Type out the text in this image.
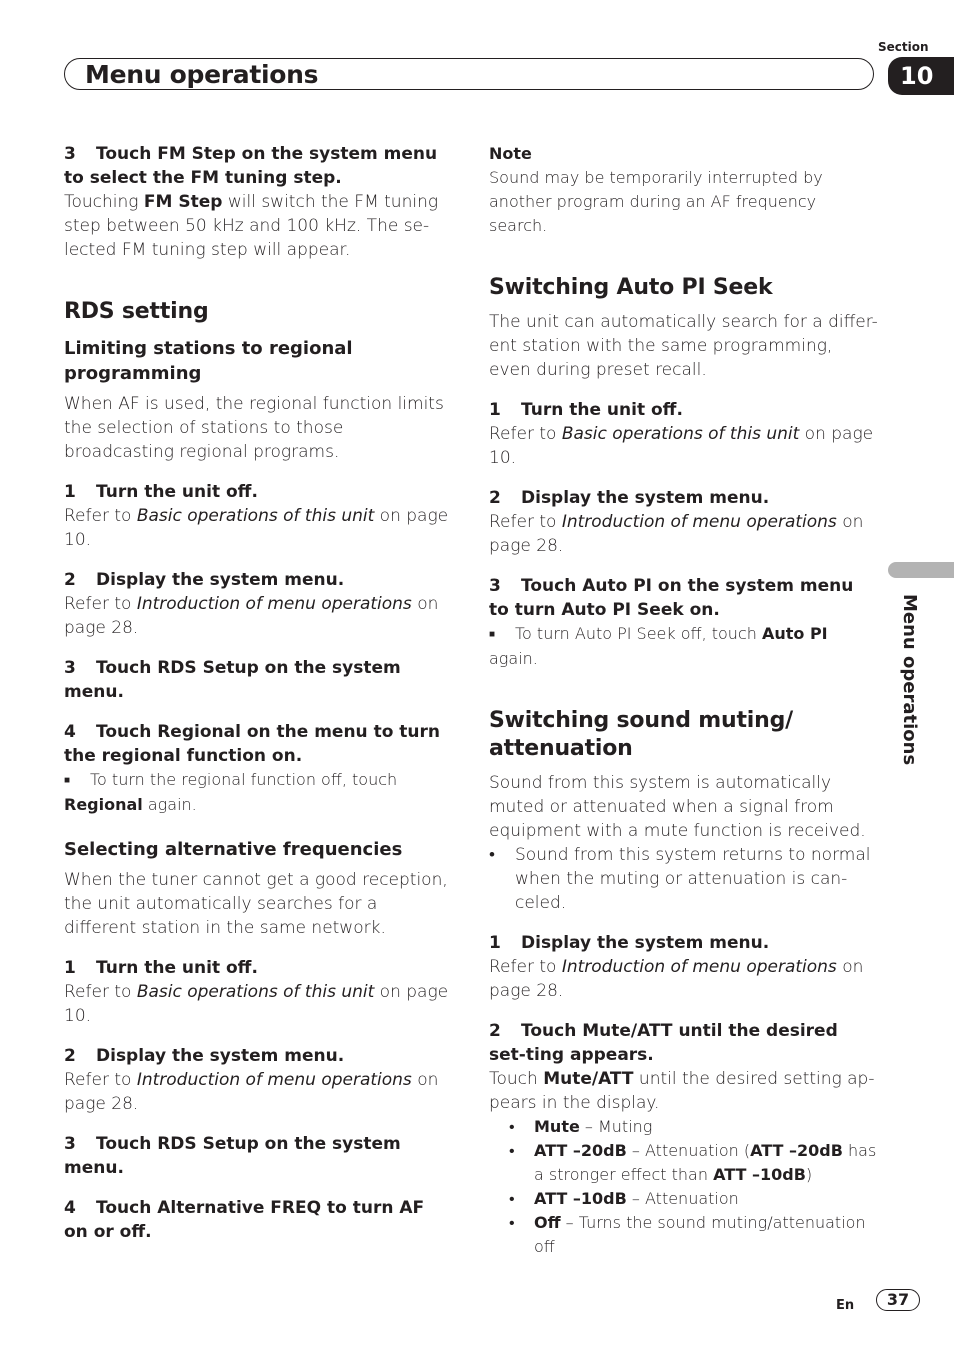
Section
Menu operations	10
Menu operations
3 Touch FM Step on the system menu to select the FM tuning step.

Touching FM Step will switch the FM tuning step between 50 kHz and 100 kHz. The se-lected FM tuning step will appear.

RDS setting
Limiting stations to regional programming

When AF is used, the regional function limits the selection of stations to those broadcasting regional programs.

1 Turn the unit off.

Refer to Basic operations of this unit on page 10.

2 Display the system menu.

Refer to Introduction of menu operations on page 28.

3 Touch RDS Setup on the system menu.
4 Touch Regional on the menu to turn the regional function on.
■ To turn the regional function off, touch Regional again.
Selecting alternative frequencies

When the tuner cannot get a good reception, the unit automatically searches for a different station in the same network.

1 Turn the unit off.

Refer to Basic operations of this unit on page 10.

2 Display the system menu.

Refer to Introduction of menu operations on page 28.

3 Touch RDS Setup on the system menu.
4 Touch Alternative FREQ to turn AF on or off.
Note

Sound may be temporarily interrupted by another program during an AF frequency search.

Switching Auto PI Seek

The unit can automatically search for a differ-ent station with the same programming, even during preset recall.

1 Turn the unit off.

Refer to Basic operations of this unit on page 10.

2 Display the system menu.

Refer to Introduction of menu operations on page 28.

3 Touch Auto PI on the system menu to turn Auto PI Seek on.
■ To turn Auto PI Seek off, touch Auto PI again.
Switching sound muting/ attenuation

Sound from this system is automatically muted or attenuated when a signal from equipment with a mute function is received.

•	Sound from this system returns to normal when the muting or attenuation is can-celed.
1 Display the system menu.

Refer to Introduction of menu operations on page 28.

2 Touch Mute/ATT until the desired set-ting appears.

Touch Mute/ATT until the desired setting ap-pears in the display.

•	Mute – Muting
•	ATT –20dB – Attenuation (ATT –20dB has a stronger effect than ATT –10dB)
•	ATT –10dB – Attenuation
•	Off – Turns the sound muting/attenuation off
En	37
